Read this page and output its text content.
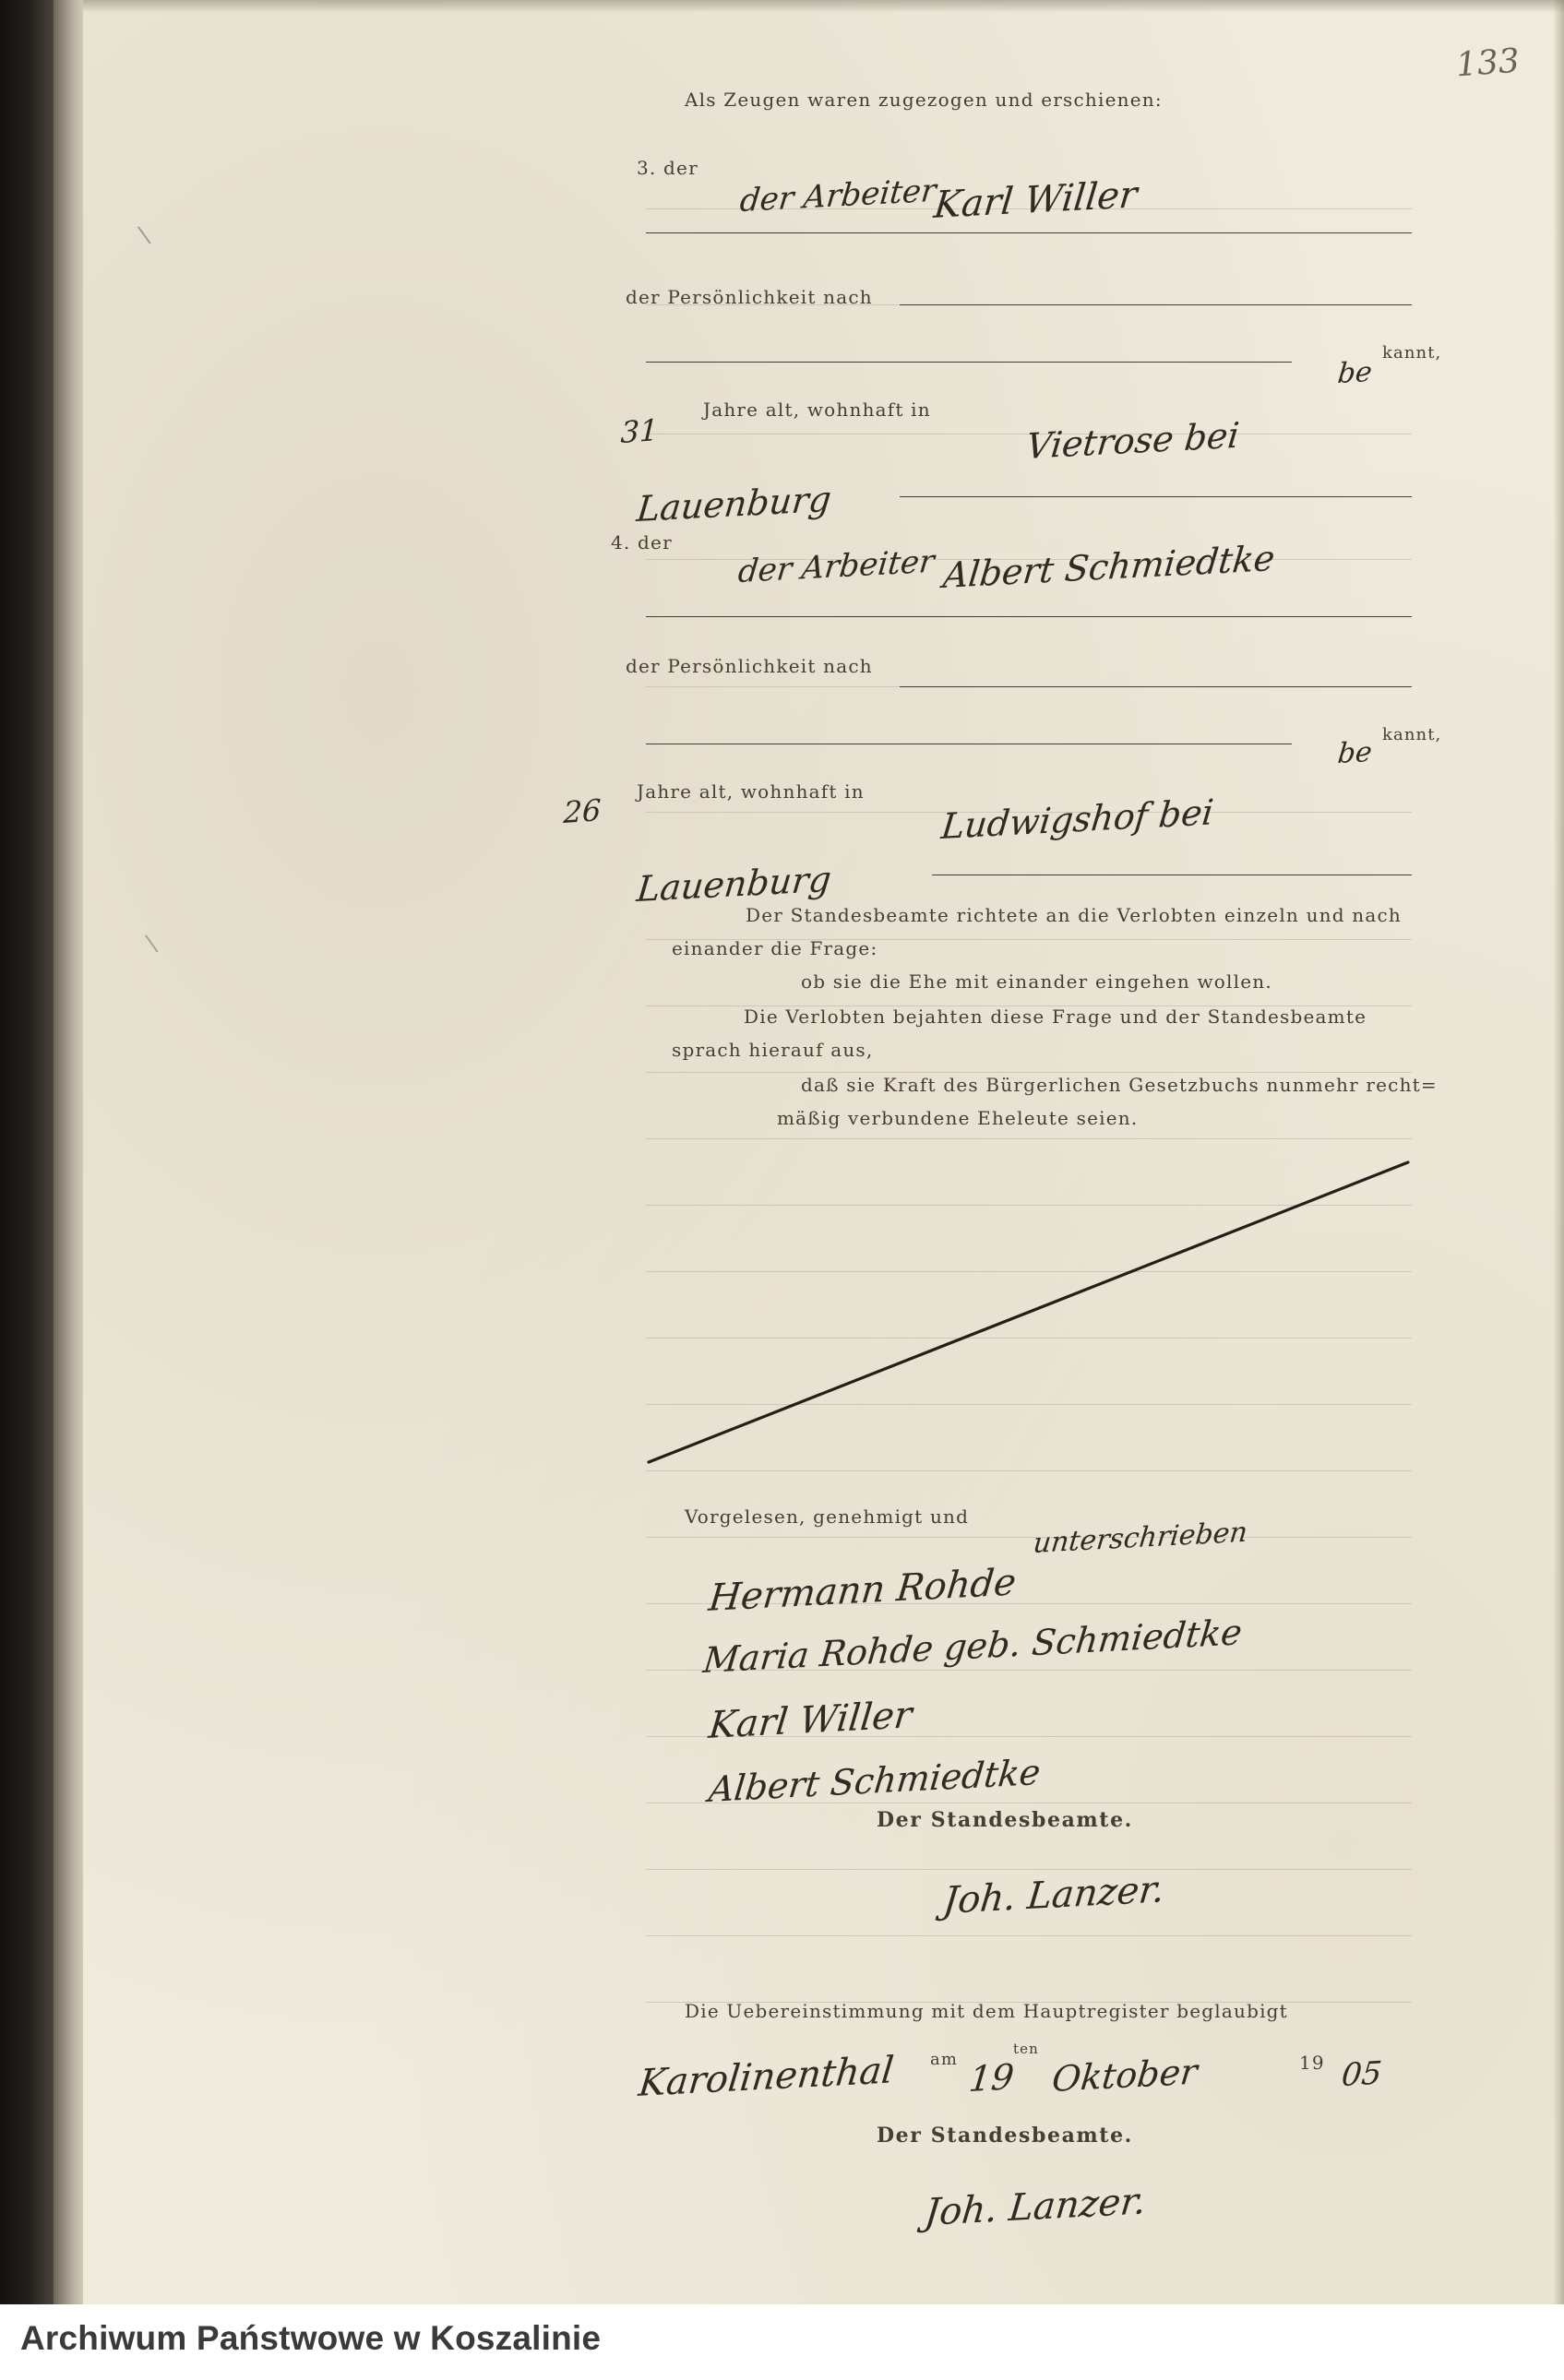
133
Als Zeugen waren zugezogen und erschienen:
3. der
der Arbeiter
Karl Willer
der Persönlichkeit nach
be
kannt,
31
Jahre alt, wohnhaft in
Vietrose bei
Lauenburg
4. der
der Arbeiter Albert Schmiedtke
der Persönlichkeit nach
be
kannt,
26
Jahre alt, wohnhaft in
Ludwigshof bei
Lauenburg
Der Standesbeamte richtete an die Verlobten einzeln und nach
einander die Frage:
ob sie die Ehe mit einander eingehen wollen.
Die Verlobten bejahten diese Frage und der Standesbeamte
sprach hierauf aus,
daß sie Kraft des Bürgerlichen Gesetzbuchs nunmehr recht=
mäßig verbundene Eheleute seien.
Vorgelesen, genehmigt und unterschrieben
Hermann Rohde
Maria Rohde geb. Schmiedtke
Karl Willer
Albert Schmiedtke
Der Standesbeamte.
Joh. Lanzer.
Die Uebereinstimmung mit dem Hauptregister beglaubigt
Karolinenthal am 19
ten
Oktober	19 05
Der Standesbeamte.
Joh. Lanzer.
\
\
Archiwum Państwowe w Koszalinie
